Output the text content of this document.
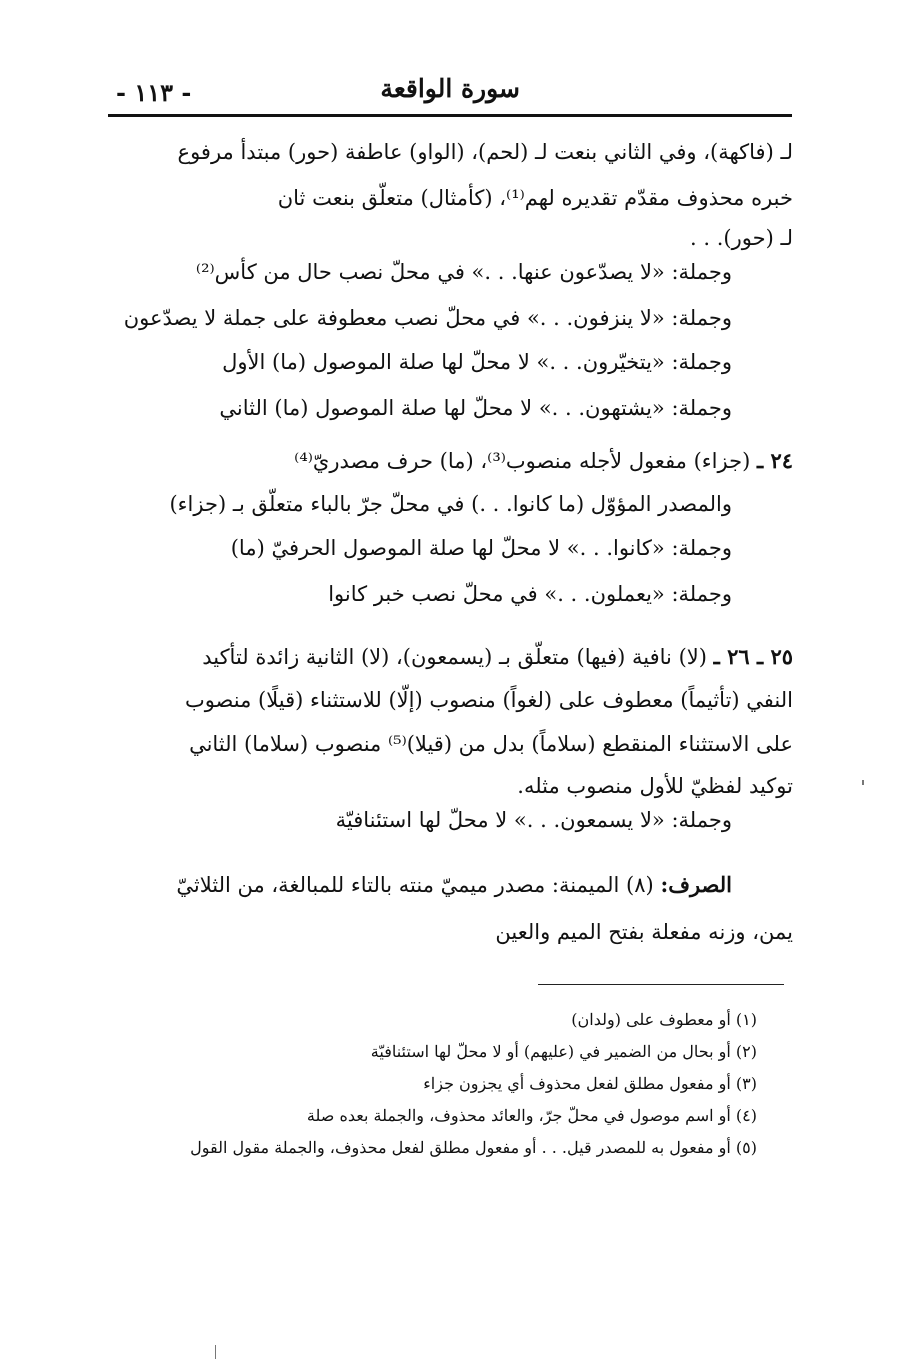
سورة الواقعة
- ١١٣ -
لـ (فاكهة)، وفي الثاني بنعت لـ (لحم)، (الواو) عاطفة (حور) مبتدأ مرفوع
خبره محذوف مقدّم تقديره لهم⁽¹⁾، (كأمثال) متعلّق بنعت ثان
لـ (حور). . .
وجملة: «لا يصدّعون عنها. . .» في محلّ نصب حال من كأس⁽²⁾
وجملة: «لا ينزفون. . .» في محلّ نصب معطوفة على جملة لا يصدّعون
وجملة: «يتخيّرون. . .» لا محلّ لها صلة الموصول (ما) الأول
وجملة: «يشتهون. . .» لا محلّ لها صلة الموصول (ما) الثاني
٢٤ ـ (جزاء) مفعول لأجله منصوب⁽³⁾، (ما) حرف مصدريّ⁽⁴⁾
والمصدر المؤوّل (ما كانوا. . .) في محلّ جرّ بالباء متعلّق بـ (جزاء)
وجملة: «كانوا. . .» لا محلّ لها صلة الموصول الحرفيّ (ما)
وجملة: «يعملون. . .» في محلّ نصب خبر كانوا
٢٥ ـ ٢٦ ـ (لا) نافية (فيها) متعلّق بـ (يسمعون)، (لا) الثانية زائدة لتأكيد
النفي (تأثيماً) معطوف على (لغواً) منصوب (إلّا) للاستثناء (قيلًا) منصوب
على الاستثناء المنقطع (سلاماً) بدل من (قيلا)⁽⁵⁾ منصوب (سلاما) الثاني
توكيد لفظيّ للأول منصوب مثله.
وجملة: «لا يسمعون. . .» لا محلّ لها استئنافيّة
الصرف: (٨) الميمنة: مصدر ميميّ منته بالتاء للمبالغة، من الثلاثيّ
يمن، وزنه مفعلة بفتح الميم والعين
(١) أو معطوف على (ولدان)
(٢) أو بحال من الضمير في (عليهم) أو لا محلّ لها استئنافيّة
(٣) أو مفعول مطلق لفعل محذوف أي يجزون جزاء
(٤) أو اسم موصول في محلّ جرّ، والعائد محذوف، والجملة بعده صلة
(٥) أو مفعول به للمصدر قيل. . . أو مفعول مطلق لفعل محذوف، والجملة مقول القول
